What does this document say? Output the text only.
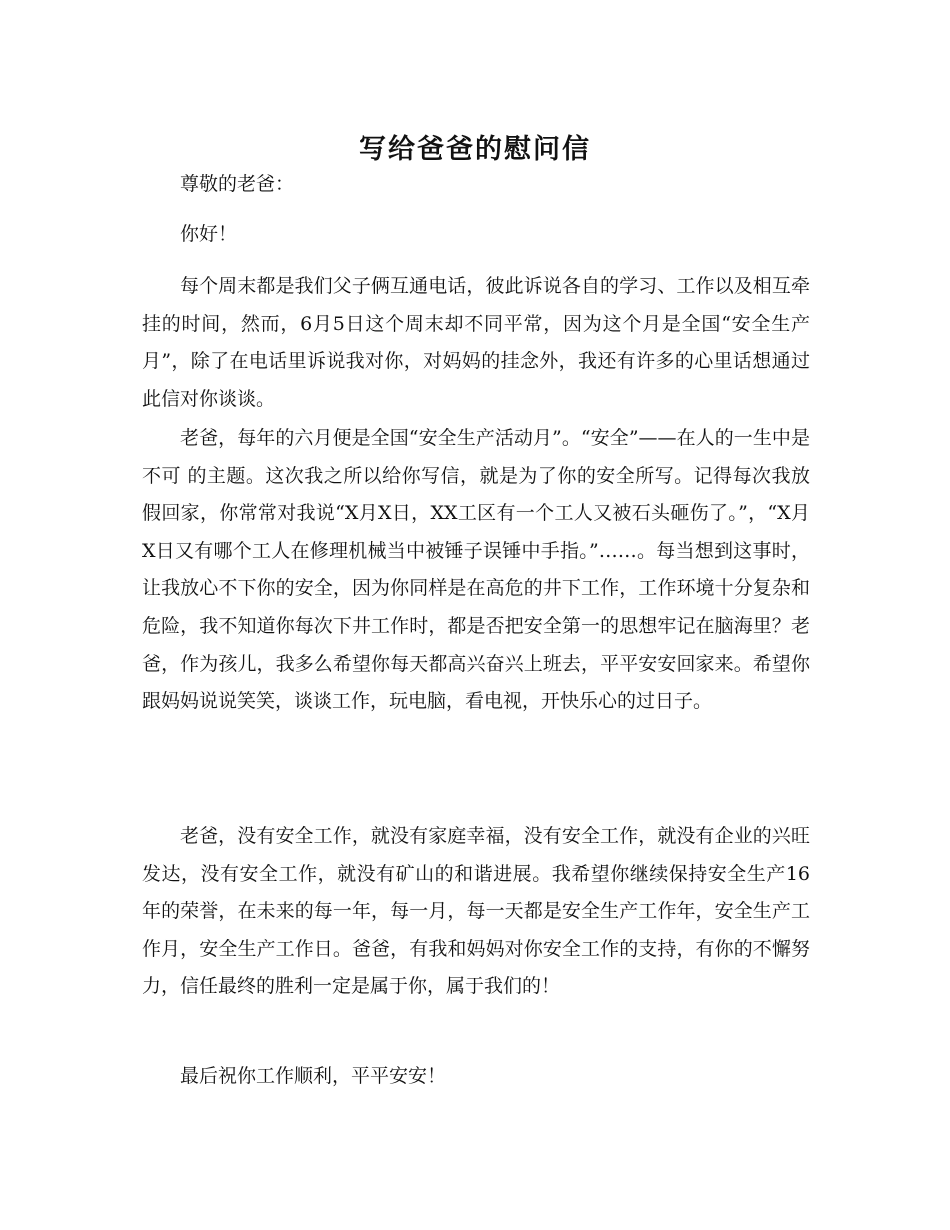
写给爸爸的慰问信

尊敬的老爸：

你好！

每个周末都是我们父子俩互通电话，彼此诉说各自的学习、工作以及相互牵挂的时间，然而，6月5日这个周末却不同平常，因为这个月是全国“安全生产月”，除了在电话里诉说我对你，对妈妈的挂念外，我还有许多的心里话想通过此信对你谈谈。

老爸，每年的六月便是全国“安全生产活动月”。“安全”——在人的一生中是不可 的主题。这次我之所以给你写信，就是为了你的安全所写。记得每次我放假回家，你常常对我说“X月X日，XX工区有一个工人又被石头砸伤了。”，“X月X日又有哪个工人在修理机械当中被锤子误锤中手指。”……。每当想到这事时，让我放心不下你的安全，因为你同样是在高危的井下工作，工作环境十分复杂和危险，我不知道你每次下井工作时，都是否把安全第一的思想牢记在脑海里？老爸，作为孩儿，我多么希望你每天都高兴奋兴上班去，平平安安回家来。希望你跟妈妈说说笑笑，谈谈工作，玩电脑，看电视，开快乐心的过日子。

老爸，没有安全工作，就没有家庭幸福，没有安全工作，就没有企业的兴旺发达，没有安全工作，就没有矿山的和谐进展。我希望你继续保持安全生产16年的荣誉，在未来的每一年，每一月，每一天都是安全生产工作年，安全生产工作月，安全生产工作日。爸爸，有我和妈妈对你安全工作的支持，有你的不懈努力，信任最终的胜利一定是属于你，属于我们的！

最后祝你工作顺利，平平安安！
